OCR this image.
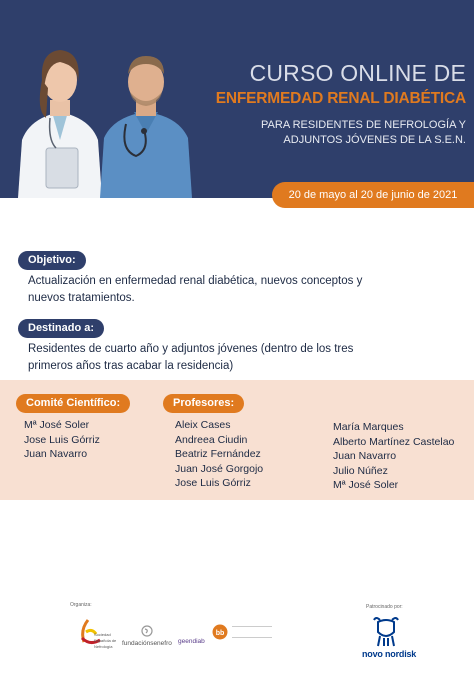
CURSO ONLINE DE
ENFERMEDAD RENAL DIABÉTICA
PARA RESIDENTES DE NEFROLOGÍA Y
ADJUNTOS JÓVENES DE LA S.E.N.
20 de mayo al 20 de junio de 2021
Objetivo:
Actualización en enfermedad renal diabética, nuevos conceptos y nuevos tratamientos.
Destinado a:
Residentes de cuarto año y adjuntos jóvenes (dentro de los tres primeros años tras acabar la residencia)
Comité Científico:	Profesores:
Mª José Soler
Jose Luis Górriz
Juan Navarro
Aleix Cases
Andreea Ciudin
Beatriz Fernández
Juan José Gorgojo
Jose Luis Górriz
María Marques
Alberto Martínez Castelao
Juan Navarro
Julio Núñez
Mª José Soler
Organiza:	Patrocinado por:
Sociedad Española de Nefrología	fundaciónsenefro
bb
geendiab
novo nordisk
